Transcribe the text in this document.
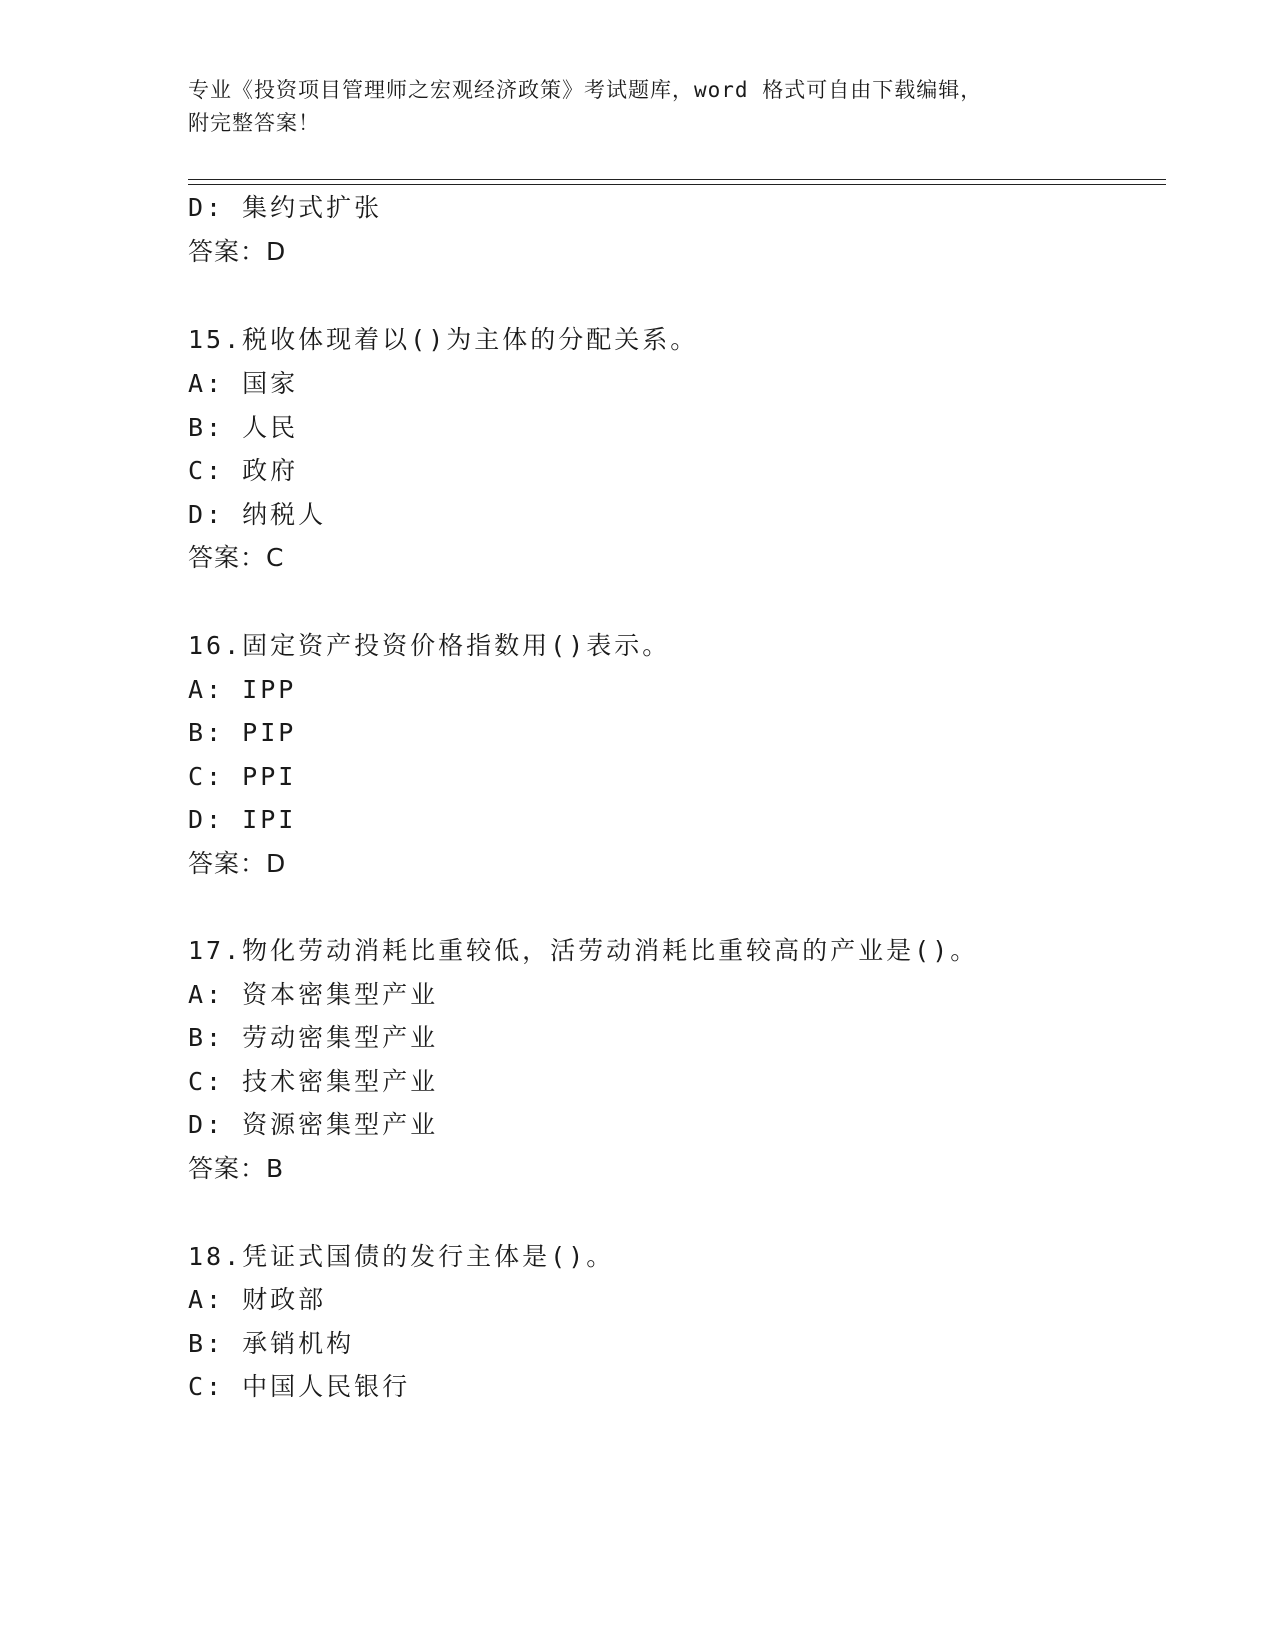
专业《投资项目管理师之宏观经济政策》考试题库，word 格式可自由下载编辑，
附完整答案！
D: 集约式扩张
答案：D
15.税收体现着以()为主体的分配关系。
A: 国家
B: 人民
C: 政府
D: 纳税人
答案：C
16.固定资产投资价格指数用()表示。
A: IPP
B: PIP
C: PPI
D: IPI
答案：D
17.物化劳动消耗比重较低，活劳动消耗比重较高的产业是()。
A: 资本密集型产业
B: 劳动密集型产业
C: 技术密集型产业
D: 资源密集型产业
答案：B
18.凭证式国债的发行主体是()。
A: 财政部
B: 承销机构
C: 中国人民银行
